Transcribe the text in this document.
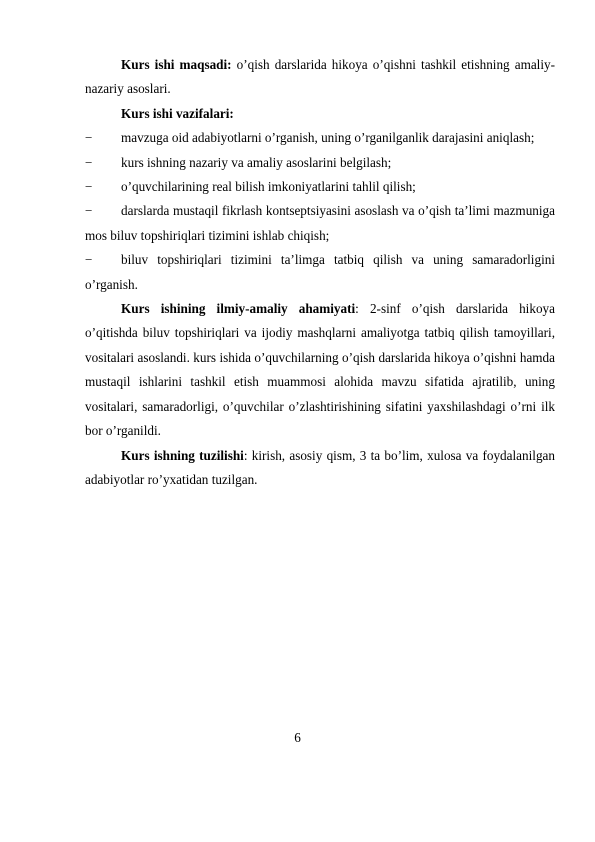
Kurs ishi maqsadi: o’qish darslarida hikoya o’qishni tashkil etishning amaliy-nazariy asoslari.

Kurs ishi vazifalari:

− mavzuga oid adabiyotlarni o’rganish, uning o’rganilganlik darajasini aniqlash;

− kurs ishning nazariy va amaliy asoslarini belgilash;

− o’quvchilarining real bilish imkoniyatlarini tahlil qilish;

− darslarda mustaqil fikrlash kontseptsiyasini asoslash va o’qish ta’limi mazmuniga mos biluv topshiriqlari tizimini ishlab chiqish;

− biluv topshiriqlari tizimini ta’limga tatbiq qilish va uning samaradorligini o’rganish.

Kurs ishining ilmiy-amaliy ahamiyati: 2-sinf o’qish darslarida hikoya o’qitishda biluv topshiriqlari va ijodiy mashqlarni amaliyotga tatbiq qilish tamoyillari, vositalari asoslandi. kurs ishida o’quvchilarning o’qish darslarida hikoya o’qishni hamda mustaqil ishlarini tashkil etish muammosi alohida mavzu sifatida ajratilib, uning vositalari, samaradorligi, o’quvchilar o’zlashtirishining sifatini yaxshilashdagi o’rni ilk bor o’rganildi.

Kurs ishning tuzilishi: kirish, asosiy qism, 3 ta bo’lim, xulosa va foydalanilgan adabiyotlar ro’yxatidan tuzilgan.

6
